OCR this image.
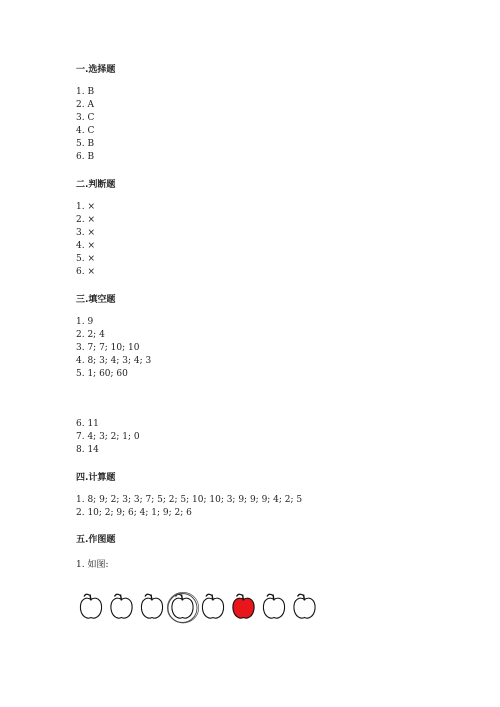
一.选择题
1. B
2. A
3. C
4. C
5. B
6. B
二.判断题
1. ×
2. ×
3. ×
4. ×
5. ×
6. ×
三.填空题
1. 9
2. 2; 4
3. 7; 7; 10; 10
4. 8; 3; 4; 3; 4; 3
5. 1; 60; 60
6. 11
7. 4; 3; 2; 1; 0
8. 14
四.计算题
1. 8; 9; 2; 3; 3; 7; 5; 2; 5; 10; 10; 3; 9; 9; 9; 4; 2; 5
2. 10; 2; 9; 6; 4; 1; 9; 2; 6
五.作图题
1. 如图:
